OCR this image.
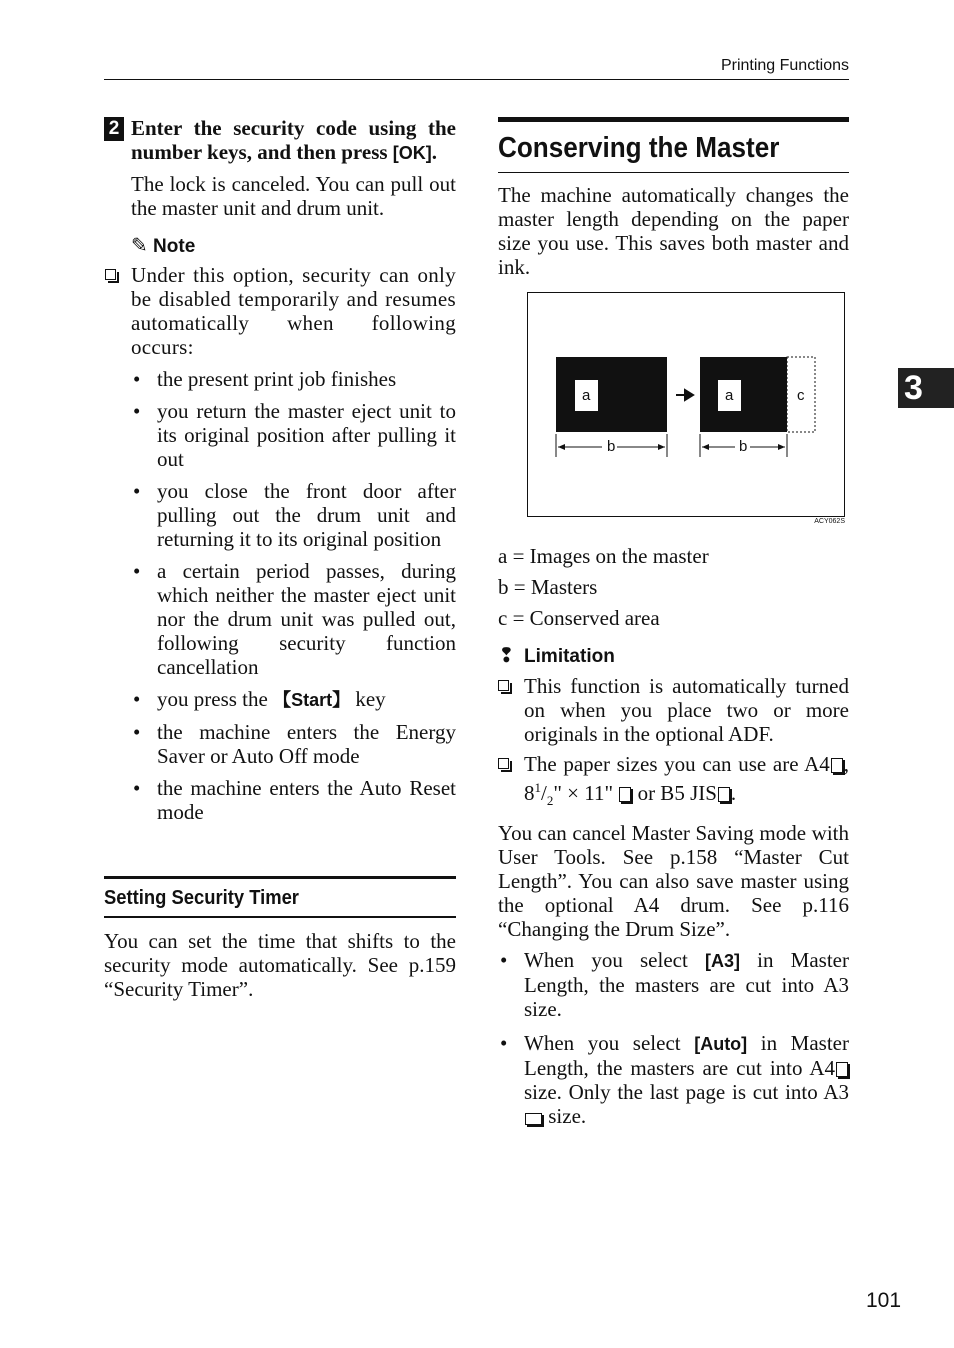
Printing Functions
3
2 Enter the security code using the number keys, and then press [OK].
The lock is canceled. You can pull out the master unit and drum unit.
✎ Note
Under this option, security can only be disabled temporarily and resumes automatically when following occurs:
• the present print job finishes
• you return the master eject unit to its original position after pulling it out
• you close the front door after pulling out the drum unit and returning it to its original position
• a certain period passes, during which neither the master eject unit nor the drum unit was pulled out, following security function cancellation
• you press the 【Start】 key
• the machine enters the Energy Saver or Auto Off mode
• the machine enters the Auto Reset mode
Setting Security Timer
You can set the time that shifts to the security mode automatically. See p.159 “Security Timer”.
Conserving the Master
The machine automatically changes the master length depending on the paper size you use. This saves both master and ink.
a	a	c
b	b
ACY062S
a = Images on the master
b = Masters
c = Conserved area
❢ Limitation
This function is automatically turned on when you place two or more originals in the optional ADF.
The paper sizes you can use are A4 , $8^1/_2$" × 11"  or B5 JIS .
You can cancel Master Saving mode with User Tools. See p.158 “Master Cut Length”. You can also save master using the optional A4 drum. See p.116 “Changing the Drum Size”.
• When you select [A3] in Master Length, the masters are cut into A3 size.
• When you select [Auto] in Master Length, the masters are cut into A4 size. Only the last page is cut into A3 size.
101
